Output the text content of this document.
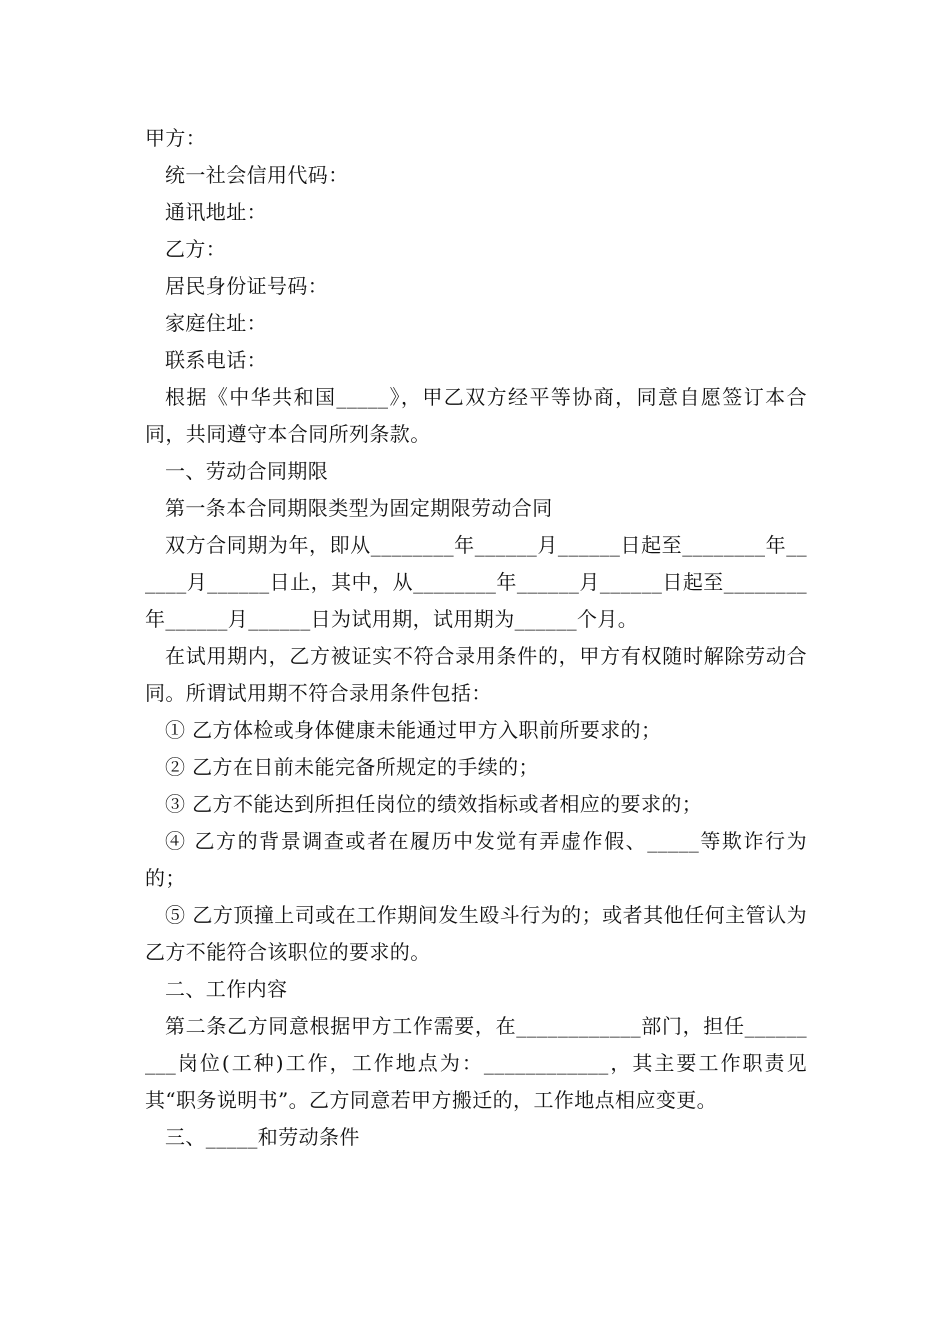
甲方：

统一社会信用代码：

通讯地址：

乙方：

居民身份证号码：

家庭住址：

联系电话：

根据《中华共和国_____》，甲乙双方经平等协商，同意自愿签订本合同，共同遵守本合同所列条款。

一、劳动合同期限

第一条本合同期限类型为固定期限劳动合同

双方合同期为年，即从________年______月______日起至________年______月______日止，其中，从________年______月______日起至________年______月______日为试用期，试用期为______个月。

在试用期内，乙方被证实不符合录用条件的，甲方有权随时解除劳动合同。所谓试用期不符合录用条件包括：

① 乙方体检或身体健康未能通过甲方入职前所要求的；

② 乙方在日前未能完备所规定的手续的；

③ 乙方不能达到所担任岗位的绩效指标或者相应的要求的；

④ 乙方的背景调查或者在履历中发觉有弄虚作假、_____等欺诈行为的；

⑤ 乙方顶撞上司或在工作期间发生殴斗行为的；或者其他任何主管认为乙方不能符合该职位的要求的。

二、工作内容

第二条乙方同意根据甲方工作需要，在____________部门，担任_________岗位(工种)工作，工作地点为：____________，其主要工作职责见其“职务说明书”。乙方同意若甲方搬迁的，工作地点相应变更。

三、_____和劳动条件
